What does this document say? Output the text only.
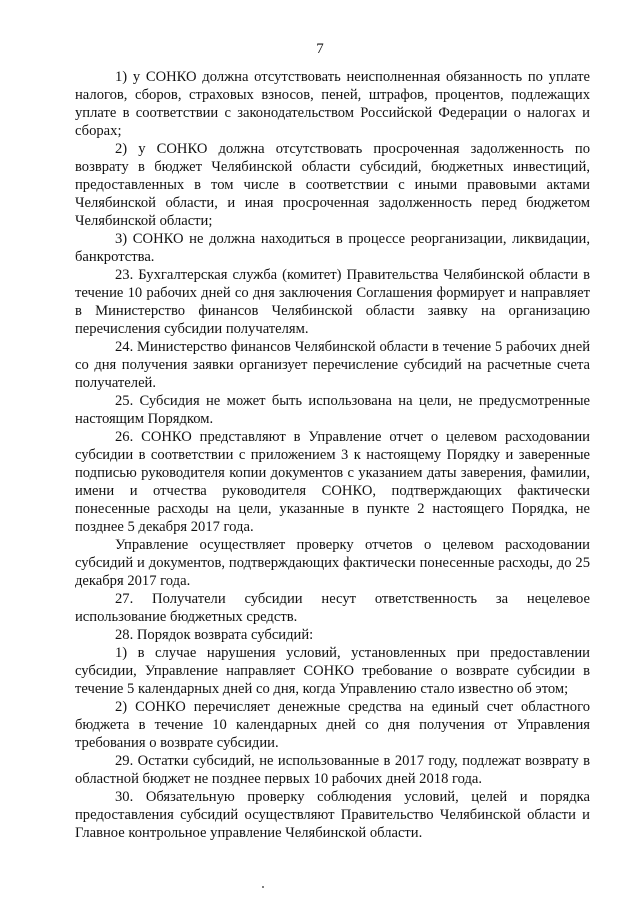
7

1) у СОНКО должна отсутствовать неисполненная обязанность по уплате налогов, сборов, страховых взносов, пеней, штрафов, процентов, подлежащих уплате в соответствии с законодательством Российской Федерации о налогах и сборах;

2) у СОНКО должна отсутствовать просроченная задолженность по возврату в бюджет Челябинской области субсидий, бюджетных инвестиций, предоставленных в том числе в соответствии с иными правовыми актами Челябинской области, и иная просроченная задолженность перед бюджетом Челябинской области;

3) СОНКО не должна находиться в процессе реорганизации, ликвидации, банкротства.

23. Бухгалтерская служба (комитет) Правительства Челябинской области в течение 10 рабочих дней со дня заключения Соглашения формирует и направляет в Министерство финансов Челябинской области заявку на организацию перечисления субсидии получателям.

24. Министерство финансов Челябинской области в течение 5 рабочих дней со дня получения заявки организует перечисление субсидий на расчетные счета получателей.

25. Субсидия не может быть использована на цели, не предусмотренные настоящим Порядком.

26. СОНКО представляют в Управление отчет о целевом расходовании субсидии в соответствии с приложением 3 к настоящему Порядку и заверенные подписью руководителя копии документов с указанием даты заверения, фамилии, имени и отчества руководителя СОНКО, подтверждающих фактически понесенные расходы на цели, указанные в пункте 2 настоящего Порядка, не позднее 5 декабря 2017 года.

Управление осуществляет проверку отчетов о целевом расходовании субсидий и документов, подтверждающих фактически понесенные расходы, до 25 декабря 2017 года.

27. Получатели субсидии несут ответственность за нецелевое использование бюджетных средств.

28. Порядок возврата субсидий:

1) в случае нарушения условий, установленных при предоставлении субсидии, Управление направляет СОНКО требование о возврате субсидии в течение 5 календарных дней со дня, когда Управлению стало известно об этом;

2) СОНКО перечисляет денежные средства на единый счет областного бюджета в течение 10 календарных дней со дня получения от Управления требования о возврате субсидии.

29. Остатки субсидий, не использованные в 2017 году, подлежат возврату в областной бюджет не позднее первых 10 рабочих дней 2018 года.

30. Обязательную проверку соблюдения условий, целей и порядка предоставления субсидий осуществляют Правительство Челябинской области и Главное контрольное управление Челябинской области.
